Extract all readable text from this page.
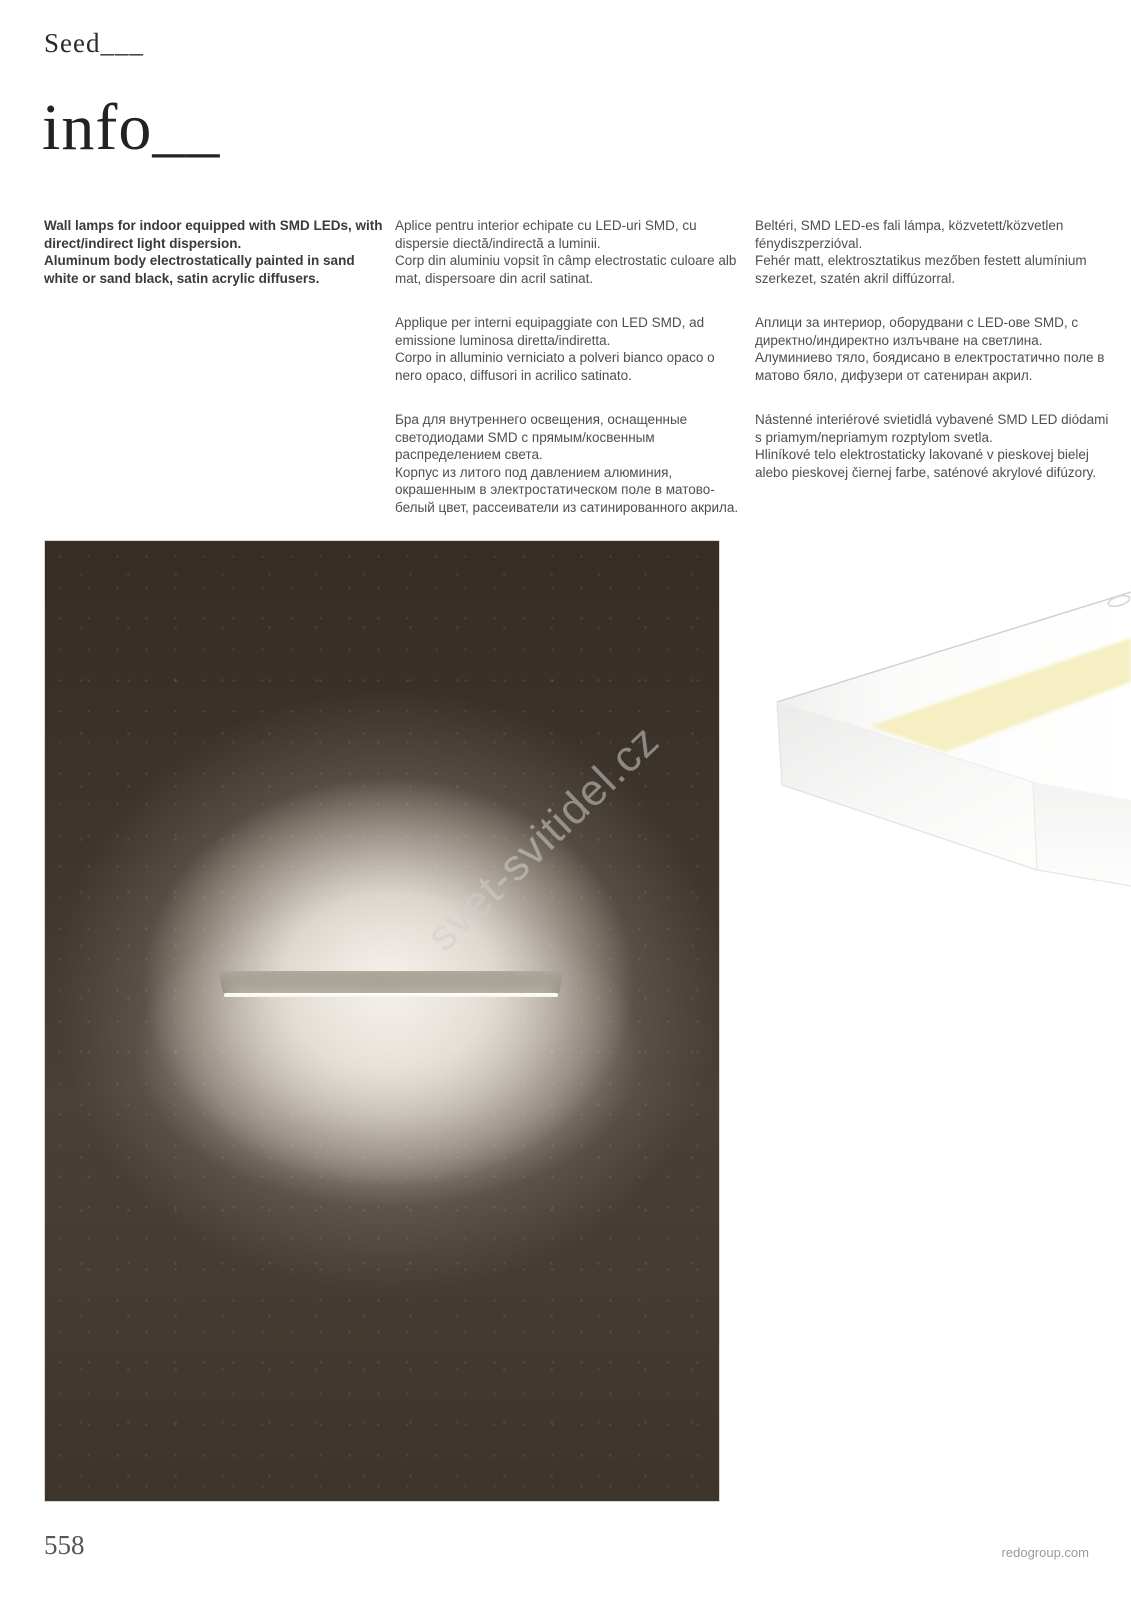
Seed___
info__

Wall lamps for indoor equipped with SMD LEDs, with direct/indirect light dispersion.
Aluminum body electrostatically painted in sand white or sand black, satin acrylic diffusers.

Aplice pentru interior echipate cu LED-uri SMD, cu dispersie diectă/indirectă a luminii.
Corp din aluminiu vopsit în câmp electrostatic culoare alb mat, dispersoare din acril satinat.

Applique per interni equipaggiate con LED SMD, ad emissione luminosa diretta/indiretta.
Corpo in alluminio verniciato a polveri bianco opaco o nero opaco, diffusori in acrilico satinato.

Бра для внутреннего освещения, оснащенные светодиодами SMD с прямым/косвенным распределением света.
Корпус из литого под давлением алюминия, окрашенным в электростатическом поле в матово-белый цвет, рассеиватели из сатинированного акрила.

Beltéri, SMD LED-es fali lámpa, közvetett/közvetlen fénydiszperzióval.
Fehér matt, elektrosztatikus mezőben festett alumínium szerkezet, szatén akril diffúzorral.

Аплици за интериор, оборудвани с LED-ове SMD, с директно/индиректно излъчване на светлина.
Алуминиево тяло, боядисано в електростатично поле в матово бяло, дифузери от сатениран акрил.

Nástenné interiérové svietidlá vybavené SMD LED diódami s priamym/nepriamym rozptylom svetla.
Hliníkové telo elektrostaticky lakované v pieskovej bielej alebo pieskovej čiernej farbe, saténové akrylové difúzory.

svet-svitidel.cz
558	redogroup.com
